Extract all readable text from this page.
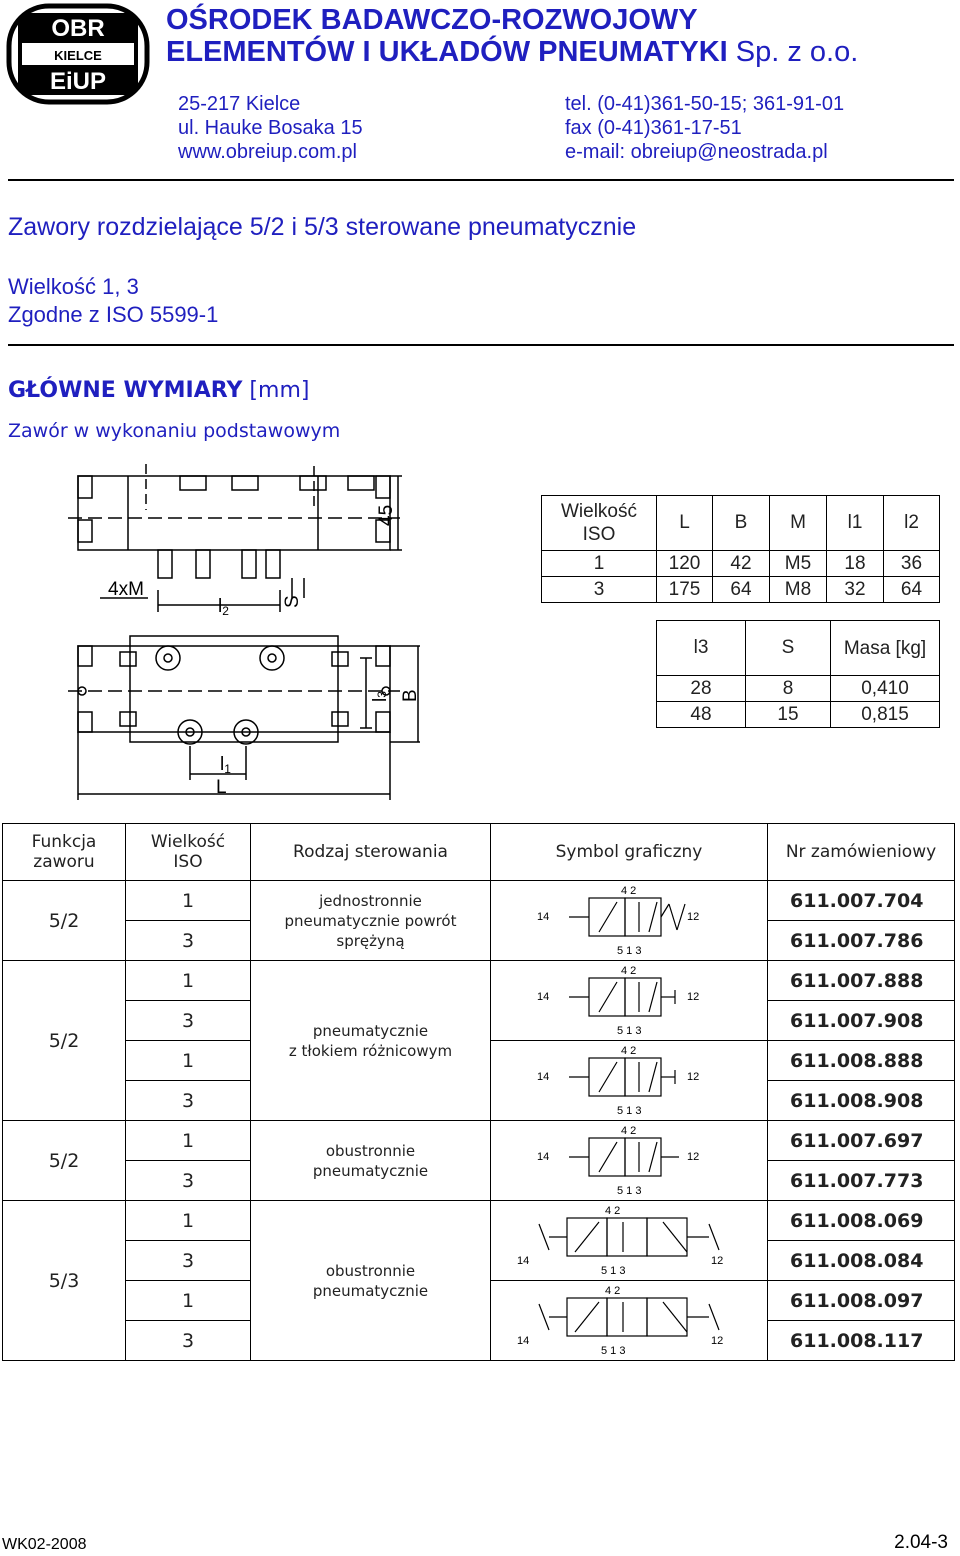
OBR
KIELCE
EiUP
OŚRODEK BADAWCZO-ROZWOJOWY
ELEMENTÓW I UKŁADÓW PNEUMATYKI Sp. z o.o.
25-217 Kielce
ul. Hauke Bosaka 15
www.obreiup.com.pl
tel. (0-41)361-50-15; 361-91-01
fax (0-41)361-17-51
e-mail: obreiup@neostrada.pl
Zawory rozdzielające 5/2 i 5/3 sterowane pneumatycznie
Wielkość 1, 3
Zgodne z ISO 5599-1
GŁÓWNE WYMIARY [mm]
Zawór w wykonaniu podstawowym
4xM
l2
S
45
l3 B
l1
L
Wielkość ISO	L	B	M	l1	l2
1	120	42	M5	18	36
3	175	64	M8	32	64
l3	S	Masa [kg]
28	8	0,410
48	15	0,815
Funkcja
zaworu	Wielkość
ISO	Rodzaj sterowania	Symbol graficzny	Nr zamówieniowy
5/2	1	jednostronnie
pneumatycznie powrót
sprężyną	14 12
4 2
5 1 3	611.007.704
	3			611.007.786
5/2	1	pneumatycznie
z tłokiem różnicowym	14 12
4 2
5 1 3	611.007.888
	3			611.007.908
	1		14 12
4 2
5 1 3	611.008.888
	3			611.008.908
5/2	1	obustronnie
pneumatycznie	14 12
4 2
5 1 3	611.007.697
	3			611.007.773
5/3	1	obustronnie
pneumatycznie	14 12
4 2
5 1 3	611.008.069
	3			611.008.084
	1		14 12
4 2
5 1 3	611.008.097
	3			611.008.117
WK02-2008	2.04-3
